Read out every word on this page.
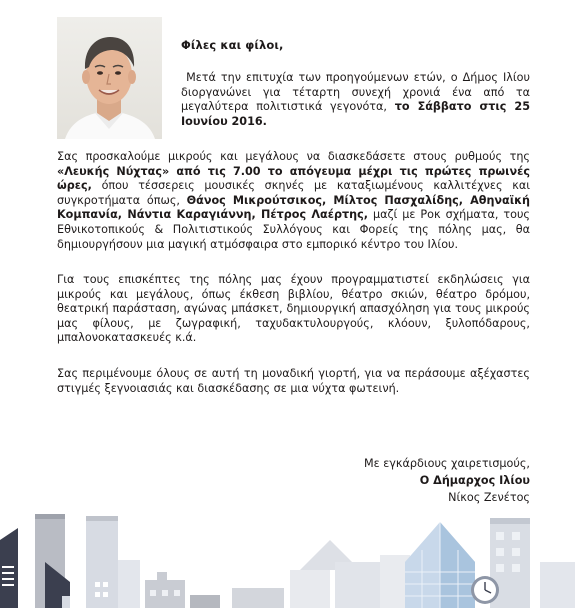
Φίλες και φίλοι,
Μετά την επιτυχία των προηγούμενων ετών, ο Δήμος Ιλίου διοργανώνει για τέταρτη συνεχή χρονιά ένα από τα μεγαλύτερα πολιτιστικά γεγονότα, το Σάββατο στις 25 Ιουνίου 2016.
Σας προσκαλούμε μικρούς και μεγάλους να διασκεδάσετε στους ρυθμούς της «Λευκής Νύχτας» από τις 7.00 το απόγευμα μέχρι τις πρώτες πρωινές ώρες, όπου τέσσερεις μουσικές σκηνές με καταξιωμένους καλλιτέχνες και συγκροτήματα όπως, Θάνος Μικρούτσικος, Μίλτος Πασχαλίδης, Αθηναϊκή Κομπανία, Νάντια Καραγιάννη, Πέτρος Λαέρτης, μαζί με Ροκ σχήματα, τους Εθνικοτοπικούς & Πολιτιστικούς Συλλόγους και Φορείς της πόλης μας, θα δημιουργήσουν μια μαγική ατμόσφαιρα στο εμπορικό κέντρο του Ιλίου.
Για τους επισκέπτες της πόλης μας έχουν προγραμματιστεί εκδηλώσεις για μικρούς και μεγάλους, όπως έκθεση βιβλίου, θέατρο σκιών, θέατρο δρόμου, θεατρική παράσταση, αγώνας μπάσκετ, δημιουργική απασχόληση για τους μικρούς μας φίλους, με ζωγραφική, ταχυδακτυλουργούς, κλόουν, ξυλοπόδαρους, μπαλονοκατασκευές κ.ά.
Σας περιμένουμε όλους σε αυτή τη μοναδική γιορτή, για να περάσουμε αξέχαστες στιγμές ξεγνοιασιάς και διασκέδασης σε μια νύχτα φωτεινή.
Με εγκάρδιους χαιρετισμούς,
Ο Δήμαρχος Ιλίου
Νίκος Ζενέτος
